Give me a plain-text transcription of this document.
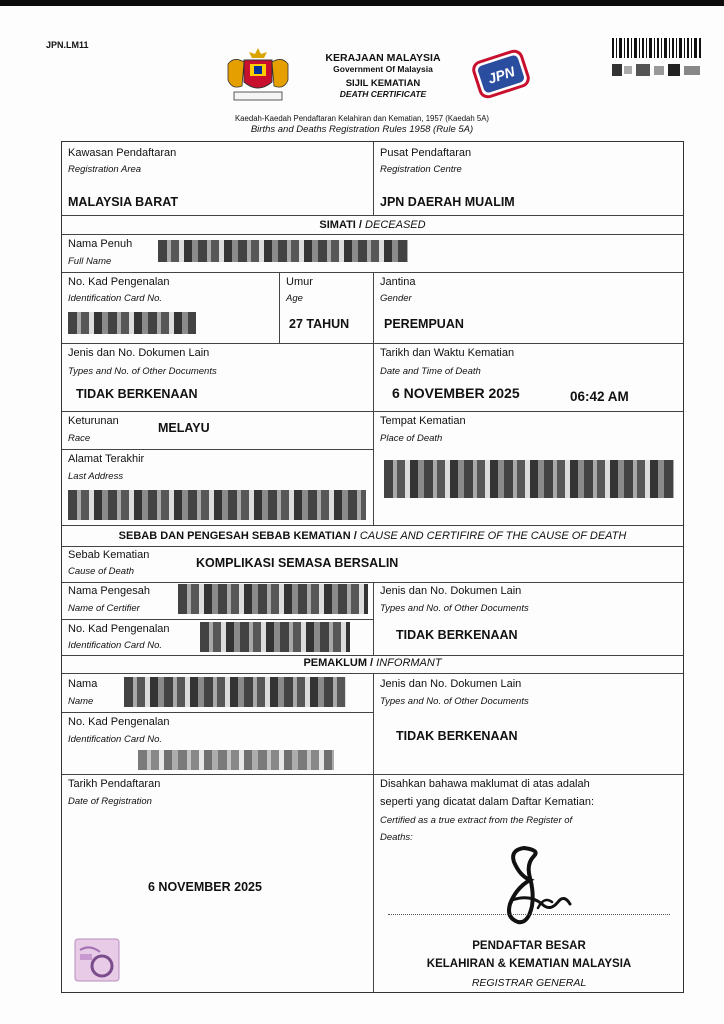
JPN.LM11
KERAJAAN MALAYSIA
Government Of Malaysia
SIJIL KEMATIAN
DEATH CERTIFICATE
JPN
Kaedah-Kaedah Pendaftaran Kelahiran dan Kematian, 1957 (Kaedah 5A)
Births and Deaths Registration Rules 1958 (Rule 5A)
Kawasan Pendaftaran
Registration Area
MALAYSIA BARAT
Pusat Pendaftaran
Registration Centre
JPN DAERAH MUALIM
SIMATI / DECEASED
Nama Penuh
Full Name
No. Kad Pengenalan
Identification Card No.
Umur
Age
27 TAHUN
Jantina
Gender
PEREMPUAN
Jenis dan No. Dokumen Lain
Types and No. of Other Documents
TIDAK BERKENAAN
Tarikh dan Waktu Kematian
Date and Time of Death
6 NOVEMBER 2025	06:42 AM
Keturunan
Race
MELAYU	Tempat Kematian
Place of Death
Alamat Terakhir
Last Address
SEBAB DAN PENGESAH SEBAB KEMATIAN / CAUSE AND CERTIFIRE OF THE CAUSE OF DEATH
Sebab Kematian
Cause of Death
KOMPLIKASI SEMASA BERSALIN
Nama Pengesah
Name of Certifier
No. Kad Pengenalan
Identification Card No.
Jenis dan No. Dokumen Lain
Types and No. of Other Documents
TIDAK BERKENAAN
PEMAKLUM / INFORMANT
Nama
Name
No. Kad Pengenalan
Identification Card No.
Jenis dan No. Dokumen Lain
Types and No. of Other Documents
TIDAK BERKENAAN
Tarikh Pendaftaran
Date of Registration
6 NOVEMBER 2025
Disahkan bahawa maklumat di atas adalah
seperti yang dicatat dalam Daftar Kematian:
Certified as a true extract from the Register of
Deaths:
PENDAFTAR BESAR
KELAHIRAN & KEMATIAN MALAYSIA
REGISTRAR GENERAL
